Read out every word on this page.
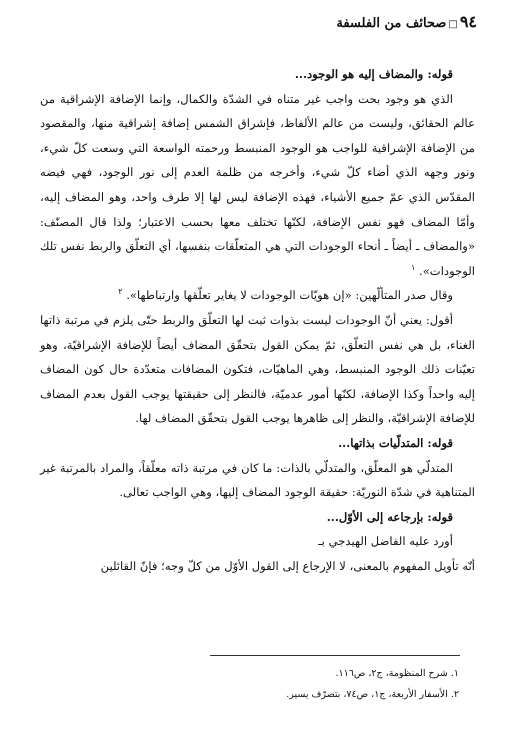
٩٤□صحائف من الفلسفة

قوله: والمضاف إليه هو الوجود...

الذي هو وجود بحت واجب غير متناه في الشدّة والكمال، وإنما الإضافة الإشراقية من عالم الحقائق، وليست من عالم الألفاظ، فإشراق الشمس إضافة إشراقية منها، والمقصود من الإضافة الإشراقية للواجب هو الوجود المنبسط ورحمته الواسعة التي وسعت كلّ شيء، ونور وجهه الذي أضاء كلّ شيء، وأخرجه من ظلمة العدم إلى نور الوجود، فهي فيضه المقدّس الذي عمّ جميع الأشياء، فهذه الإضافة ليس لها إلا طرف واحد، وهو المضاف إليه، وأمّا المضاف فهو نفس الإضافة، لكنّها تختلف معها بحسب الاعتبار؛ ولذا قال المصنّف: «والمضاف ـ أيضاً ـ أنحاء الوجودات التي هي المتعلّقات بنفسها، أي التعلّق والربط نفس تلك الوجودات». $^١$

وقال صدر المتألّهين: «إن هويّات الوجودات لا يغاير تعلّقها وارتباطها». $^٢$

أقول: يعني أنّ الوجودات ليست بذوات ثبت لها التعلّق والربط حتّى يلزم في مرتبة ذاتها الغناء، بل هي نفس التعلّق، ثمّ يمكن القول بتحقّق المضاف أيضاً للإضافة الإشراقيّة، وهو تعيّنات ذلك الوجود المنبسط، وهي الماهيّات، فتكون المضافات متعدّدة حال كون المضاف إليه واحداً وكذا الإضافة، لكنّها أمور عدميّة، فالنظر إلى حقيقتها يوجب القول بعدم المضاف للإضافة الإشراقيّة، والنظر إلى ظاهرها يوجب القول بتحقّق المضاف لها.

قوله: المتدلّيات بذاتها...

المتدلّي هو المعلّق، والمتدلّي بالذات: ما كان في مرتبة ذاته معلّقاً، والمراد بالمرتبة غير المتناهية في شدّة النوريّة: حقيقة الوجود المضاف إليها، وهي الواجب تعالى.

قوله: بإرجاعه إلى الأوّل...

أورد عليه الفاضل الهيدجي بـ

أنّه تأويل المفهوم بالمعنى، لا الإرجاع إلى القول الأوّل من كلّ وجه؛ فإنّ القائلين

١. شرح المنظومة، ج٢، ص١١٦.

٢. الأسفار الأربعة، ج١، ص٧٤، بتصرّف يسير.
